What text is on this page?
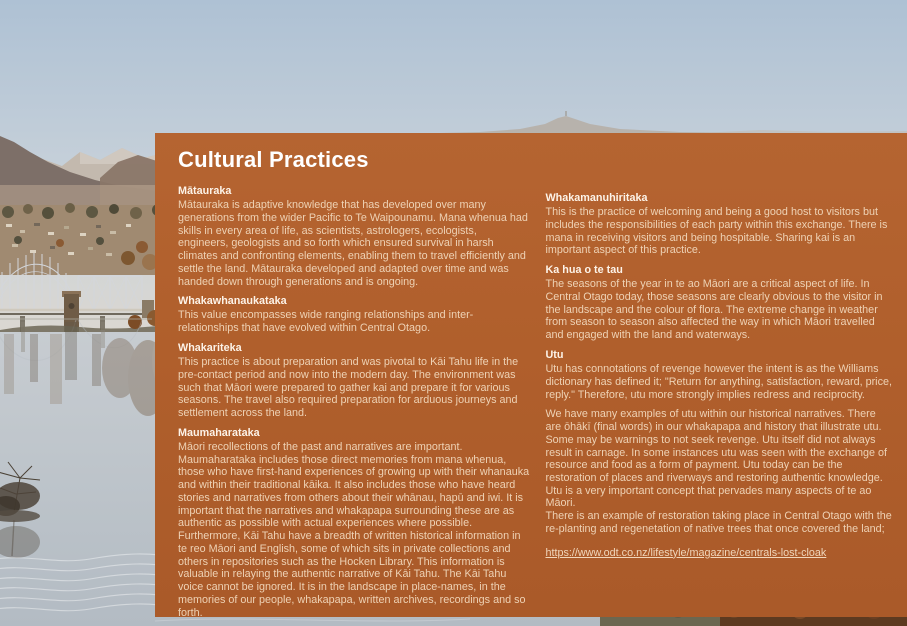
Cultural Practices
Mātauraka

Mātauraka is adaptive knowledge that has developed over many generations from the wider Pacific to Te Waipounamu. Mana whenua had skills in every area of life, as scientists, astrologers, ecologists, engineers, geologists and so forth which ensured survival in harsh climates and confronting elements, enabling them to travel efficiently and settle the land. Mātauraka developed and adapted over time and was handed down through generations and is ongoing.

Whakawhanaukataka

This value encompasses wide ranging relationships and inter-relationships that have evolved within Central Otago.

Whakariteka

This practice is about preparation and was pivotal to Kāi Tahu life in the pre-contact period and now into the modern day. The environment was such that Māori were prepared to gather kai and prepare it for various seasons. The travel also required preparation for arduous journeys and settlement across the land.

Maumaharataka

Māori recollections of the past and narratives are important. Maumaharataka includes those direct memories from mana whenua, those who have first-hand experiences of growing up with their whanauka and within their traditional kāika. It also includes those who have heard stories and narratives from others about their whānau, hapū and iwi. It is important that the narratives and whakapapa surrounding these are as authentic as possible with actual experiences where possible. Furthermore, Kāi Tahu have a breadth of written historical information in te reo Māori and English, some of which sits in private collections and others in repositories such as the Hocken Library. This information is valuable in relaying the authentic narrative of Kāi Tahu. The Kāi Tahu voice cannot be ignored. It is in the landscape in place-names, in the memories of our people, whakapapa, written archives, recordings and so forth.

Whakamanuhiritaka

This is the practice of welcoming and being a good host to visitors but includes the responsibilities of each party within this exchange. There is mana in receiving visitors and being hospitable. Sharing kai is an important aspect of this practice.

Ka hua o te tau

The seasons of the year in te ao Māori are a critical aspect of life. In Central Otago today, those seasons are clearly obvious to the visitor in the landscape and the colour of flora. The extreme change in weather from season to season also affected the way in which Māori travelled and engaged with the land and waterways.

Utu

Utu has connotations of revenge however the intent is as the Williams dictionary has defined it; "Return for anything, satisfaction, reward, price, reply." Therefore, utu more strongly implies redress and reciprocity.

We have many examples of utu within our historical narratives. There are ōhākī (final words) in our whakapapa and history that illustrate utu. Some may be warnings to not seek revenge. Utu itself did not always result in carnage. In some instances utu was seen with the exchange of resource and food as a form of payment. Utu today can be the restoration of places and riverways and restoring authentic knowledge. Utu is a very important concept that pervades many aspects of te ao Māori.

There is an example of restoration taking place in Central Otago with the re-planting and regenetation of native trees that once covered the land;

https://www.odt.co.nz/lifestyle/magazine/centrals-lost-cloak
